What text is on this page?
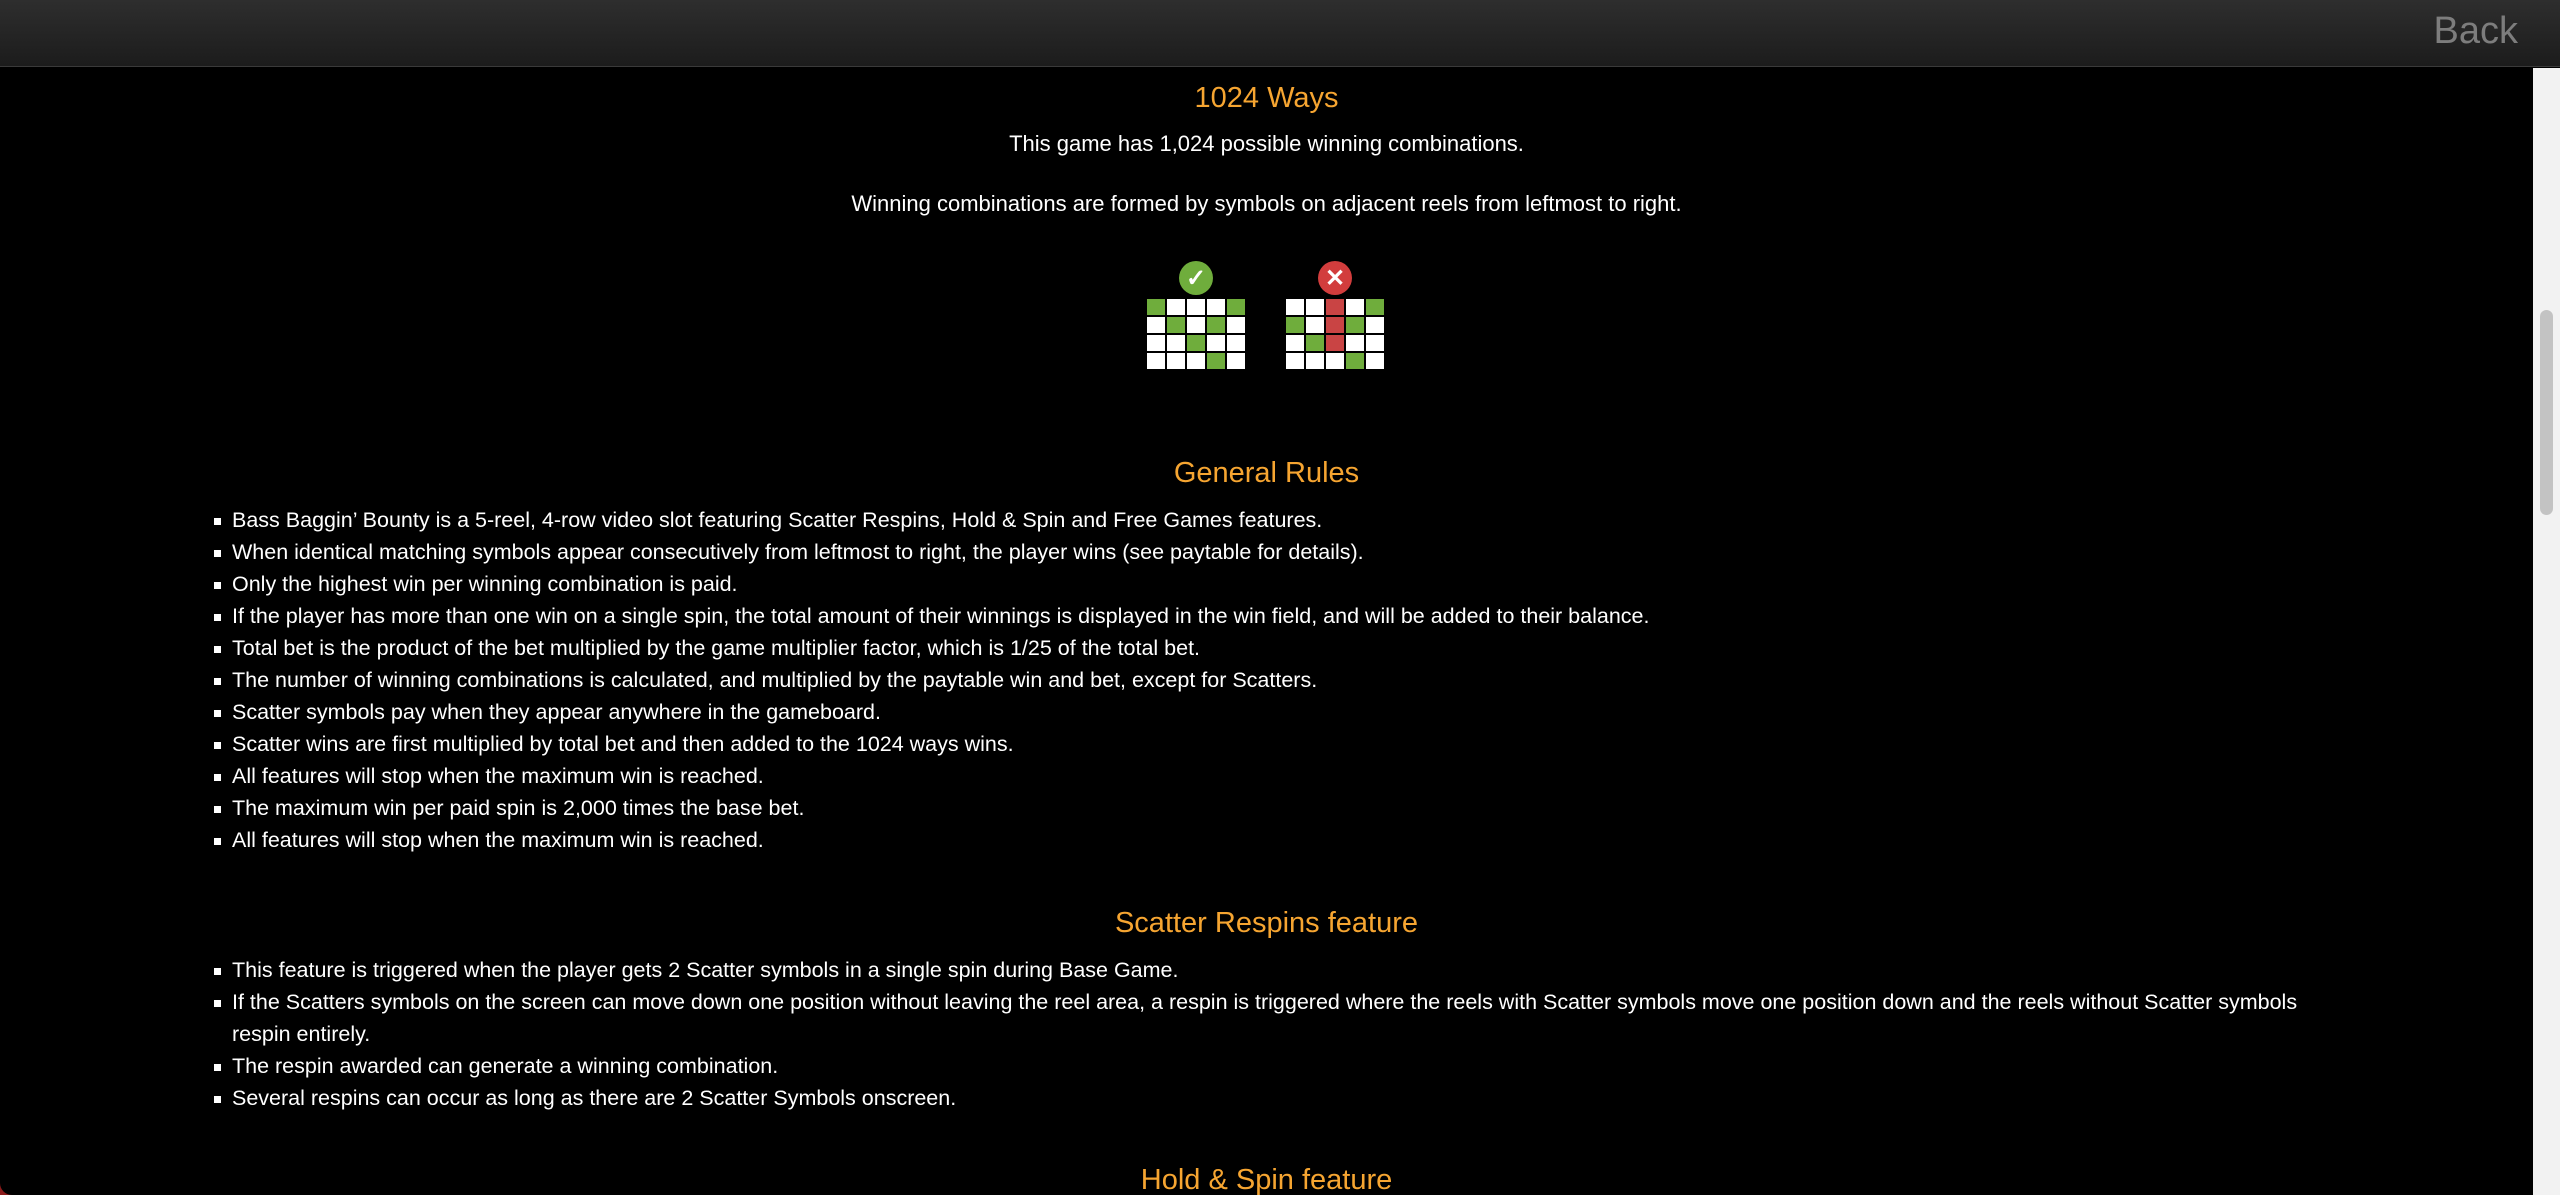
Back
1024 Ways
This game has 1,024 possible winning combinations.
Winning combinations are formed by symbols on adjacent reels from leftmost to right.
✓	✕
General Rules
Bass Baggin’ Bounty is a 5-reel, 4-row video slot featuring Scatter Respins, Hold & Spin and Free Games features.
When identical matching symbols appear consecutively from leftmost to right, the player wins (see paytable for details).
Only the highest win per winning combination is paid.
If the player has more than one win on a single spin, the total amount of their winnings is displayed in the win field, and will be added to their balance.
Total bet is the product of the bet multiplied by the game multiplier factor, which is 1/25 of the total bet.
The number of winning combinations is calculated, and multiplied by the paytable win and bet, except for Scatters.
Scatter symbols pay when they appear anywhere in the gameboard.
Scatter wins are first multiplied by total bet and then added to the 1024 ways wins.
All features will stop when the maximum win is reached.
The maximum win per paid spin is 2,000 times the base bet.
All features will stop when the maximum win is reached.
Scatter Respins feature
This feature is triggered when the player gets 2 Scatter symbols in a single spin during Base Game.
If the Scatters symbols on the screen can move down one position without leaving the reel area, a respin is triggered where the reels with Scatter symbols move one position down and the reels without Scatter symbols respin entirely.
The respin awarded can generate a winning combination.
Several respins can occur as long as there are 2 Scatter Symbols onscreen.
Hold & Spin feature
